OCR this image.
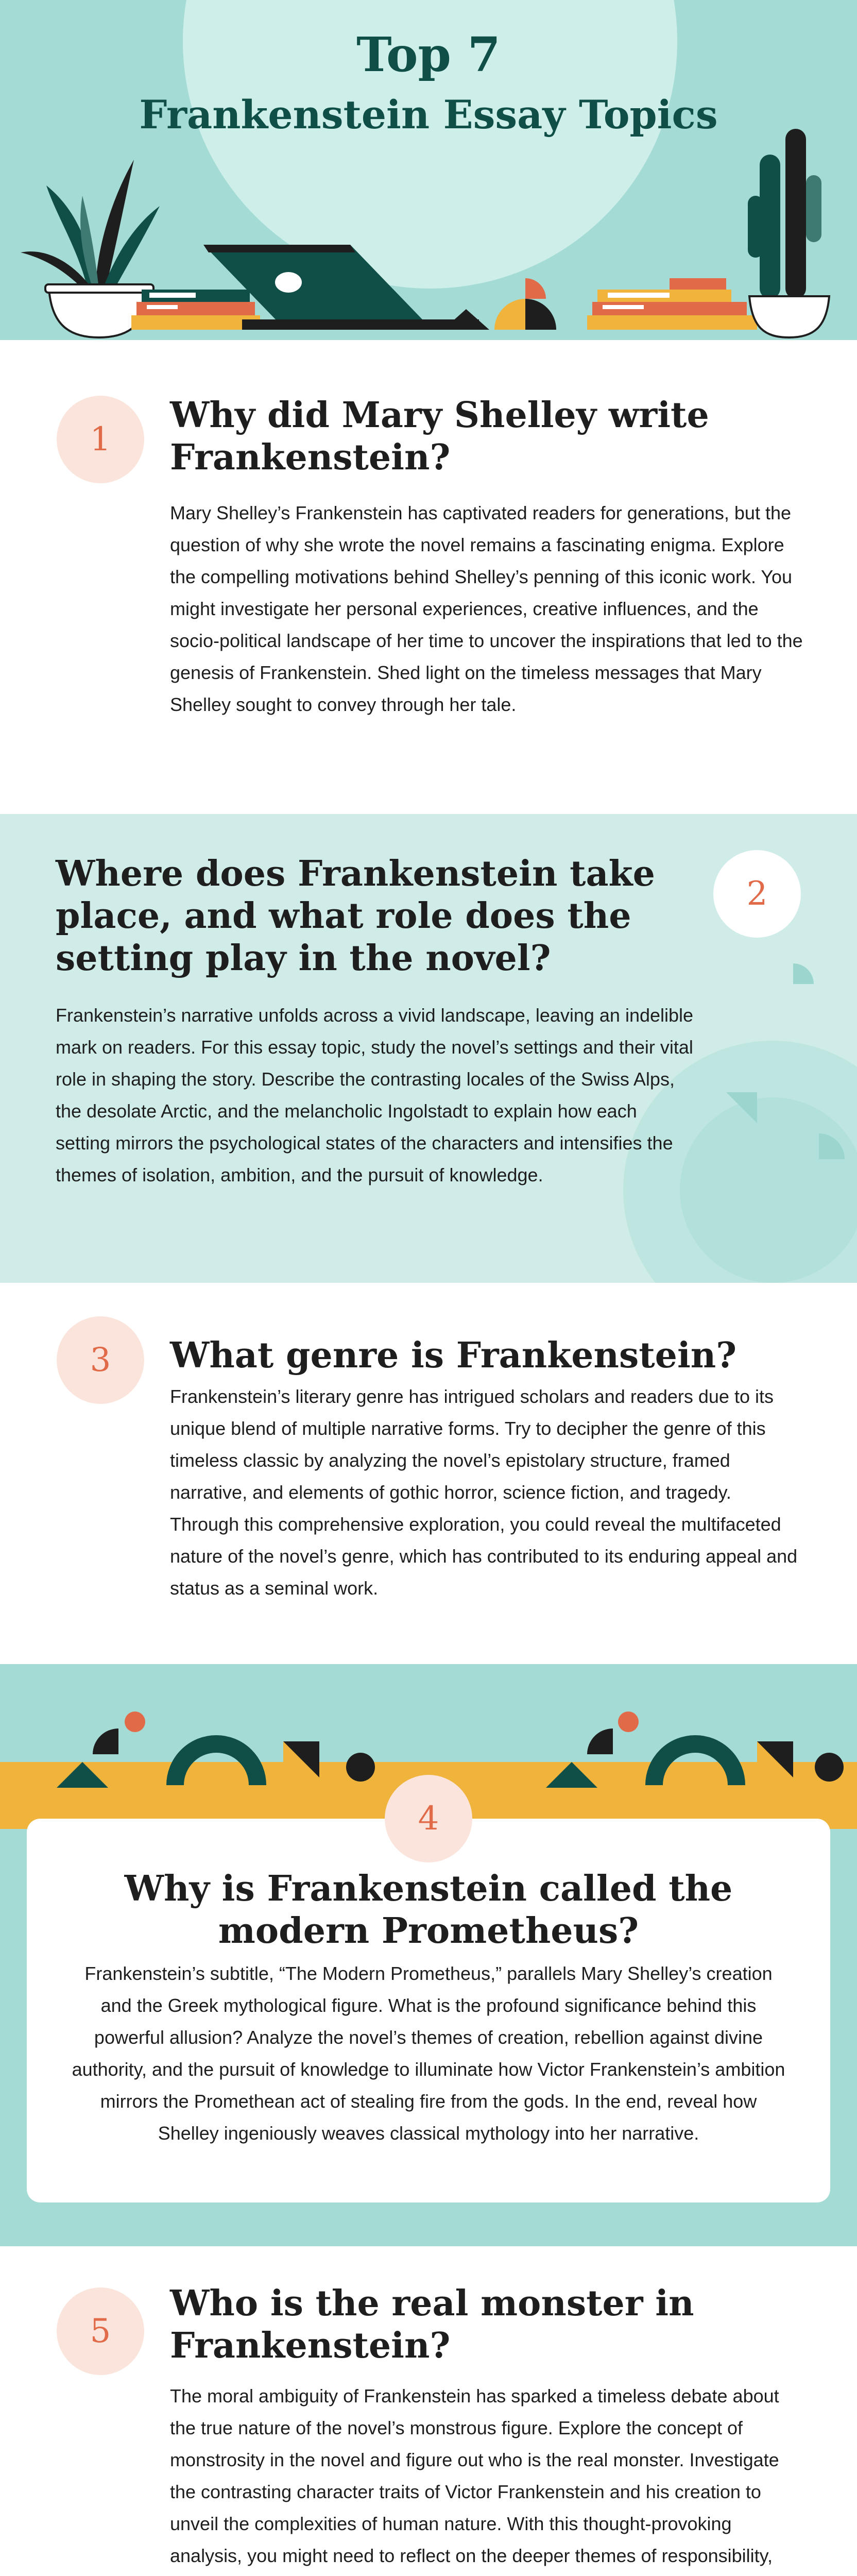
Top 7
Frankenstein Essay Topics
1
Why did Mary Shelley write Frankenstein?
Mary Shelley’s Frankenstein has captivated readers for generations, but the question of why she wrote the novel remains a fascinating enigma. Explore the compelling motivations behind Shelley’s penning of this iconic work. You might investigate her personal experiences, creative influences, and the socio-political landscape of her time to uncover the inspirations that led to the genesis of Frankenstein. Shed light on the timeless messages that Mary Shelley sought to convey through her tale.
2
Where does Frankenstein take place, and what role does the setting play in the novel?
Frankenstein’s narrative unfolds across a vivid landscape, leaving an indelible mark on readers. For this essay topic, study the novel’s settings and their vital role in shaping the story. Describe the contrasting locales of the Swiss Alps, the desolate Arctic, and the melancholic Ingolstadt to explain how each setting mirrors the psychological states of the characters and intensifies the themes of isolation, ambition, and the pursuit of knowledge.
3	What genre is Frankenstein?
Frankenstein’s literary genre has intrigued scholars and readers due to its unique blend of multiple narrative forms. Try to decipher the genre of this timeless classic by analyzing the novel’s epistolary structure, framed narrative, and elements of gothic horror, science fiction, and tragedy. Through this comprehensive exploration, you could reveal the multifaceted nature of the novel’s genre, which has contributed to its enduring appeal and status as a seminal work.
Why is Frankenstein called the modern Prometheus?
Frankenstein’s subtitle, “The Modern Prometheus,” parallels Mary Shelley’s creation and the Greek mythological figure. What is the profound significance behind this powerful allusion? Analyze the novel’s themes of creation, rebellion against divine authority, and the pursuit of knowledge to illuminate how Victor Frankenstein’s ambition mirrors the Promethean act of stealing fire from the gods. In the end, reveal how Shelley ingeniously weaves classical mythology into her narrative.
4
5
Who is the real monster in Frankenstein?
The moral ambiguity of Frankenstein has sparked a timeless debate about the true nature of the novel’s monstrous figure. Explore the concept of monstrosity in the novel and figure out who is the real monster. Investigate the contrasting character traits of Victor Frankenstein and his creation to unveil the complexities of human nature. With this thought-provoking analysis, you might need to reflect on the deeper themes of responsibility,
